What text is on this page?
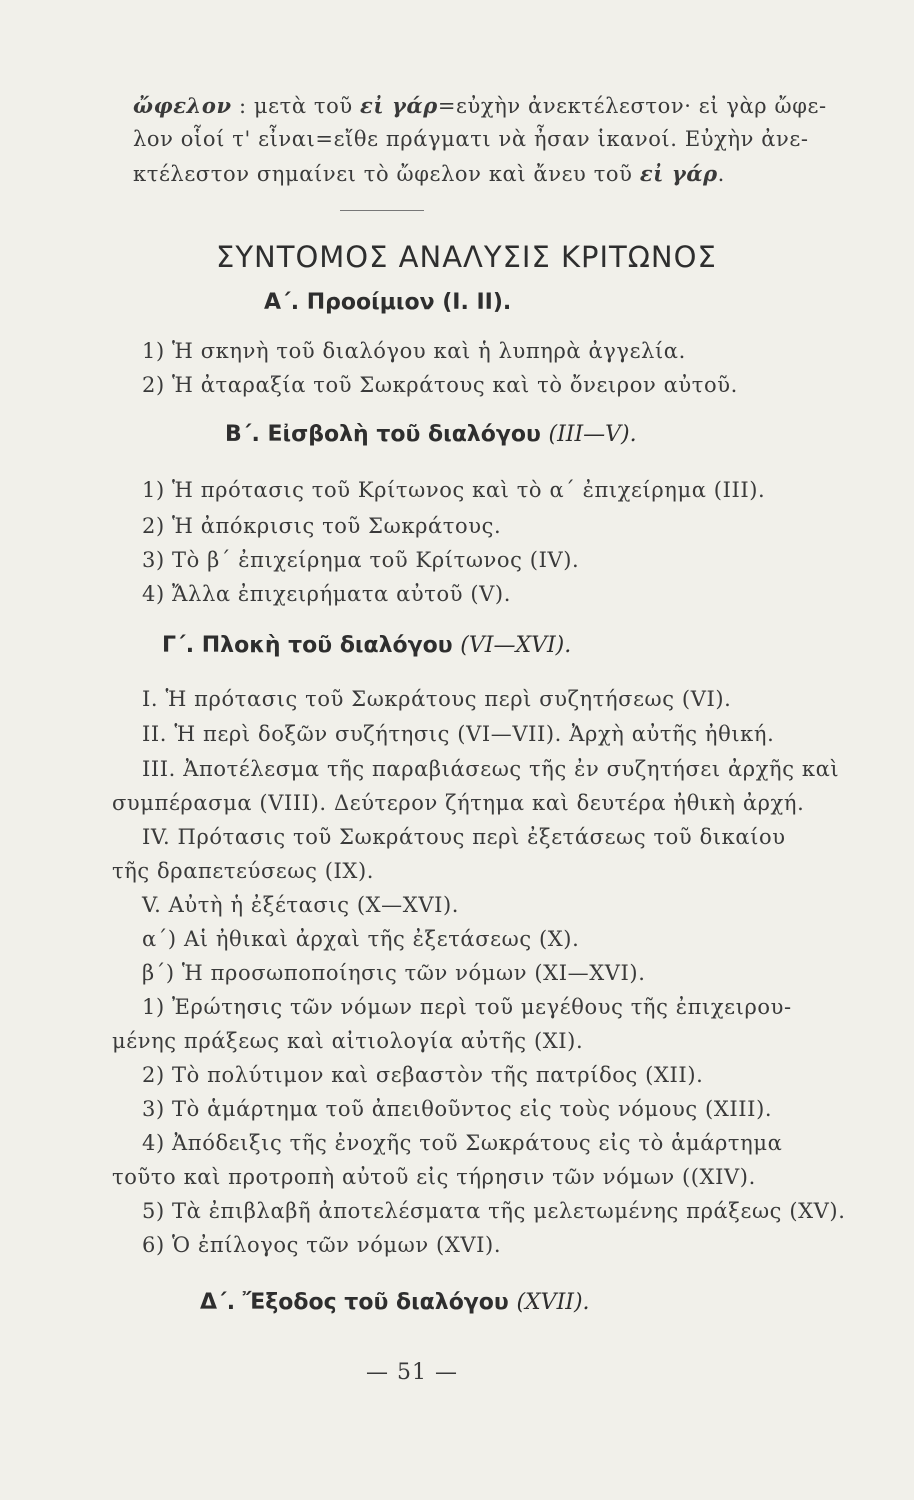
ὤφελον : μετὰ τοῦ εἰ γάρ=εὐχὴν ἀνεκτέλεστον· εἰ γὰρ ὤφε-
λον οἷοί τ' εἶναι=εἴθε πράγματι νὰ ἦσαν ἱκανοί. Εὐχὴν ἀνε-
κτέλεστον σημαίνει τὸ ὤφελον καὶ ἄνευ τοῦ εἰ γάρ.
ΣΥΝΤΟΜΟΣ ΑΝΑΛΥΣΙΣ ΚΡΙΤΩΝΟΣ
Α΄. Προοίμιον (Ι. ΙΙ).
1) Ἡ σκηνὴ τοῦ διαλόγου καὶ ἡ λυπηρὰ ἀγγελία.
2) Ἡ ἀταραξία τοῦ Σωκράτους καὶ τὸ ὄνειρον αὐτοῦ.
Β΄. Εἰσβολὴ τοῦ διαλόγου (III—V).
1) Ἡ πρότασις τοῦ Κρίτωνος καὶ τὸ α΄ ἐπιχείρημα (ΙΙΙ).
2) Ἡ ἀπόκρισις τοῦ Σωκράτους.
3) Τὸ β΄ ἐπιχείρημα τοῦ Κρίτωνος (IV).
4) Ἄλλα ἐπιχειρήματα αὐτοῦ (V).
Γ΄. Πλοκὴ τοῦ διαλόγου (VI—XVI).
I. Ἡ πρότασις τοῦ Σωκράτους περὶ συζητήσεως (VI).
II. Ἡ περὶ δοξῶν συζήτησις (VI—VII). Ἀρχὴ αὐτῆς ἠθική.
III. Ἀποτέλεσμα τῆς παραβιάσεως τῆς ἐν συζητήσει ἀρχῆς καὶ
συμπέρασμα (VIII). Δεύτερον ζήτημα καὶ δευτέρα ἠθικὴ ἀρχή.
IV. Πρότασις τοῦ Σωκράτους περὶ ἐξετάσεως τοῦ δικαίου
τῆς δραπετεύσεως (IX).
V. Αὐτὴ ἡ ἐξέτασις (X—XVI).
α΄) Αἱ ἠθικαὶ ἀρχαὶ τῆς ἐξετάσεως (X).
β΄) Ἡ προσωποποίησις τῶν νόμων (XI—XVI).
1) Ἐρώτησις τῶν νόμων περὶ τοῦ μεγέθους τῆς ἐπιχειρου-
μένης πράξεως καὶ αἰτιολογία αὐτῆς (XI).
2) Τὸ πολύτιμον καὶ σεβαστὸν τῆς πατρίδος (XII).
3) Τὸ ἁμάρτημα τοῦ ἀπειθοῦντος εἰς τοὺς νόμους (XIII).
4) Ἀπόδειξις τῆς ἐνοχῆς τοῦ Σωκράτους εἰς τὸ ἁμάρτημα
τοῦτο καὶ προτροπὴ αὐτοῦ εἰς τήρησιν τῶν νόμων ((XIV).
5) Τὰ ἐπιβλαβῆ ἀποτελέσματα τῆς μελετωμένης πράξεως (XV).
6) Ὁ ἐπίλογος τῶν νόμων (XVI).
Δ΄. Ἔξοδος τοῦ διαλόγου (XVII).
— 51 —
